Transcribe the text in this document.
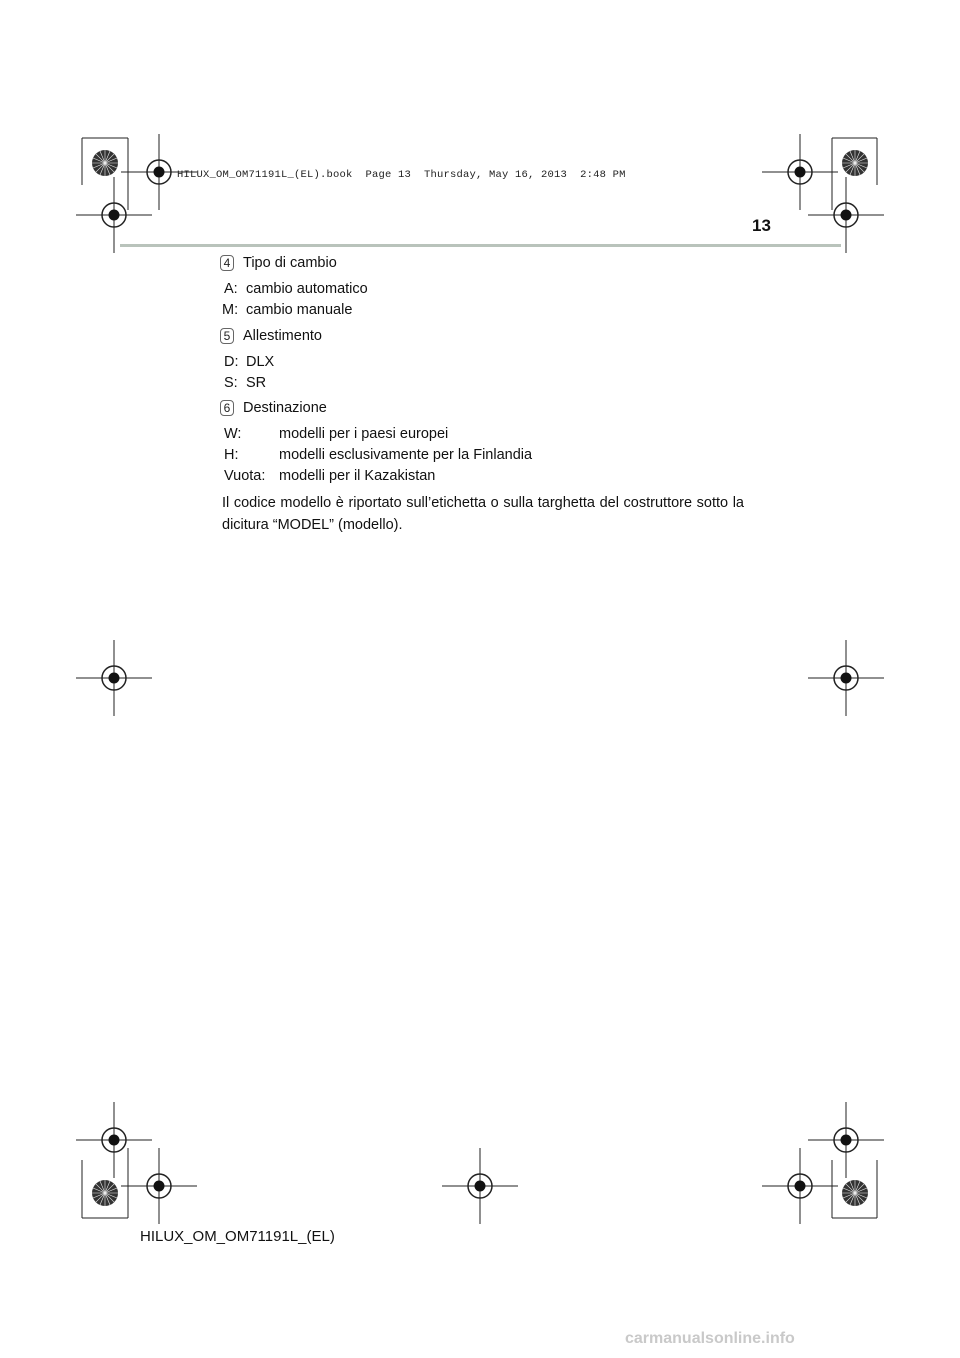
HILUX_OM_OM71191L_(EL).book  Page 13  Thursday, May 16, 2013  2:48 PM
13
4 Tipo di cambio
A: cambio automatico
M: cambio manuale
5 Allestimento
D: DLX
S: SR
6 Destinazione
W:	modelli per i paesi europei
H:	modelli esclusivamente per la Finlandia
Vuota: modelli per il Kazakistan
Il codice modello è riportato sull’etichetta o sulla targhetta del costruttore sotto la dicitura “MODEL” (modello).
HILUX_OM_OM71191L_(EL)
carmanualsonline.info
